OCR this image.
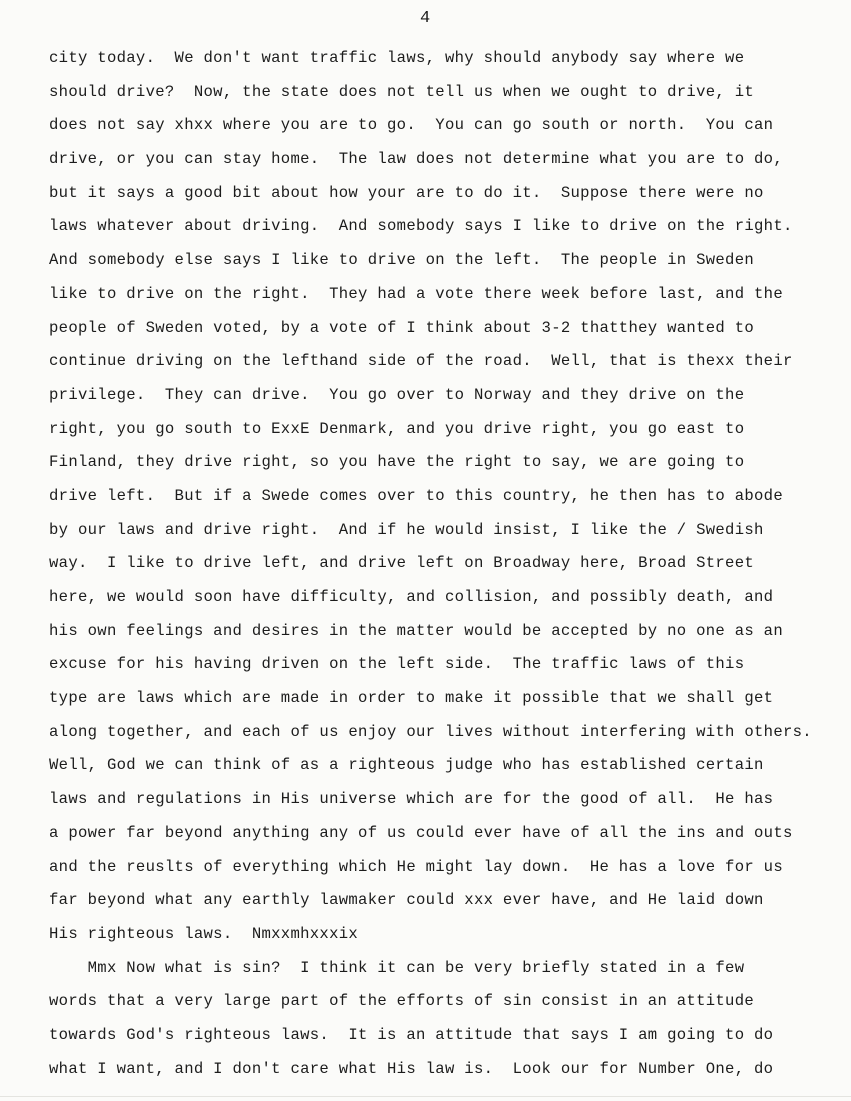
4
city today.  We don't want traffic laws, why should anybody say where we
should drive?  Now, the state does not tell us when we ought to drive, it
does not say xhxx where you are to go.  You can go south or north.  You can
drive, or you can stay home.  The law does not determine what you are to do,
but it says a good bit about how your are to do it.  Suppose there were no
laws whatever about driving.  And somebody says I like to drive on the right.
And somebody else says I like to drive on the left.  The people in Sweden
like to drive on the right.  They had a vote there week before last, and the
people of Sweden voted, by a vote of I think about 3-2 thatthey wanted to
continue driving on the lefthand side of the road.  Well, that is thexx their
privilege.  They can drive.  You go over to Norway and they drive on the
right, you go south to ExxE Denmark, and you drive right, you go east to
Finland, they drive right, so you have the right to say, we are going to
drive left.  But if a Swede comes over to this country, he then has to abode
by our laws and drive right.  And if he would insist, I like the / Swedish
way.  I like to drive left, and drive left on Broadway here, Broad Street
here, we would soon have difficulty, and collision, and possibly death, and
his own feelings and desires in the matter would be accepted by no one as an
excuse for his having driven on the left side.  The traffic laws of this
type are laws which are made in order to make it possible that we shall get
along together, and each of us enjoy our lives without interfering with others.
Well, God we can think of as a righteous judge who has established certain
laws and regulations in His universe which are for the good of all.  He has
a power far beyond anything any of us could ever have of all the ins and outs
and the reuslts of everything which He might lay down.  He has a love for us
far beyond what any earthly lawmaker could xxx ever have, and He laid down
His righteous laws.  Nmxxmhxxxix
Mmx Now what is sin?  I think it can be very briefly stated in a few
words that a very large part of the efforts of sin consist in an attitude
towards God's righteous laws.  It is an attitude that says I am going to do
what I want, and I don't care what His law is.  Look our for Number One, do
